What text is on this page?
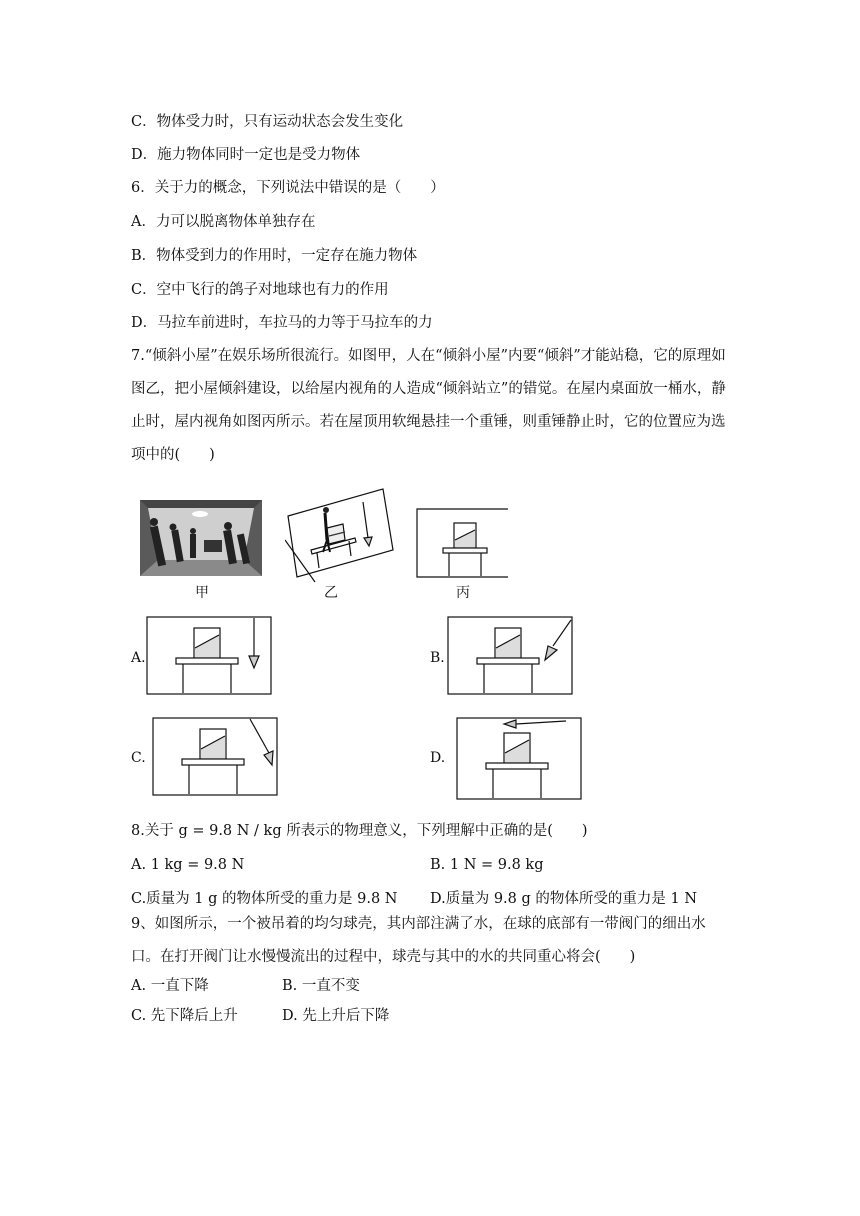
C．物体受力时，只有运动状态会发生变化
D．施力物体同时一定也是受力物体
6．关于力的概念，下列说法中错误的是（　　）
A．力可以脱离物体单独存在
B．物体受到力的作用时，一定存在施力物体
C．空中飞行的鸽子对地球也有力的作用
D．马拉车前进时，车拉马的力等于马拉车的力
7.“倾斜小屋”在娱乐场所很流行。如图甲，人在“倾斜小屋”内要“倾斜”才能站稳，它的原理如图乙，把小屋倾斜建设，以给屋内视角的人造成“倾斜站立”的错觉。在屋内桌面放一桶水，静止时，屋内视角如图丙所示。若在屋顶用软绳悬挂一个重锤，则重锤静止时，它的位置应为选项中的(　　)
甲	乙	丙
A.	B.
C.	D.
8.关于 g = 9.8 N / kg 所表示的物理意义，下列理解中正确的是(　　)
A. 1 kg = 9.8 N	B. 1 N = 9.8 kg
C.质量为 1 g 的物体所受的重力是 9.8 N D.质量为 9.8 g 的物体所受的重力是 1 N
9、如图所示，一个被吊着的均匀球壳，其内部注满了水，在球的底部有一带阀门的细出水口。在打开阀门让水慢慢流出的过程中，球壳与其中的水的共同重心将会(　　)
A. 一直下降	B. 一直不变
C. 先下降后上升	D. 先上升后下降
